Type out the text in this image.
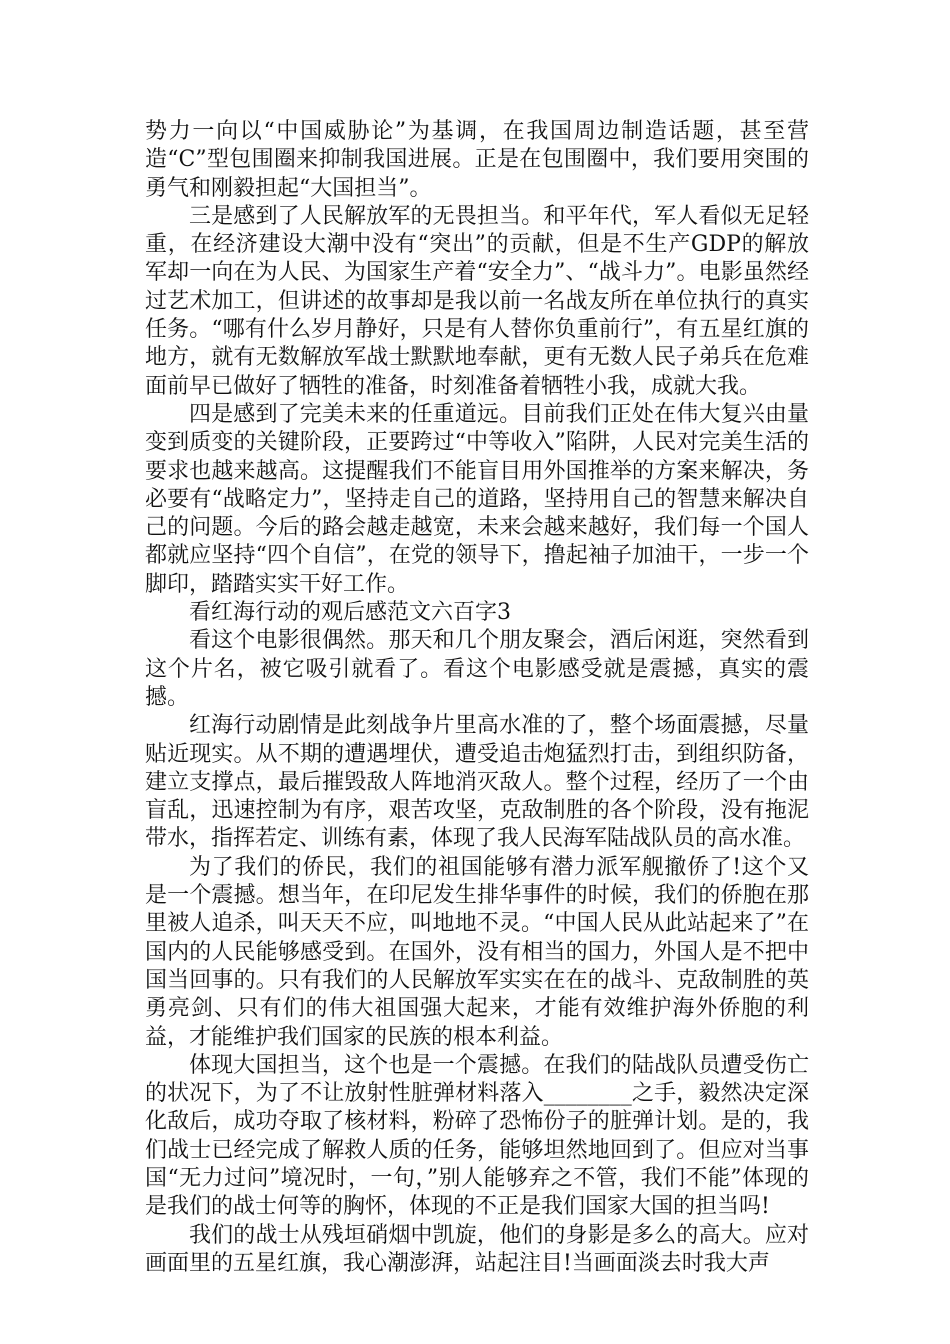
势力一向以“中国威胁论”为基调，在我国周边制造话题，甚至营造“C”型包围圈来抑制我国进展。正是在包围圈中，我们要用突围的勇气和刚毅担起“大国担当”。

三是感到了人民解放军的无畏担当。和平年代，军人看似无足轻重，在经济建设大潮中没有“突出”的贡献，但是不生产GDP的解放军却一向在为人民、为国家生产着“安全力”、“战斗力”。电影虽然经过艺术加工，但讲述的故事却是我以前一名战友所在单位执行的真实任务。“哪有什么岁月静好，只是有人替你负重前行”，有五星红旗的地方，就有无数解放军战士默默地奉献，更有无数人民子弟兵在危难面前早已做好了牺牲的准备，时刻准备着牺牲小我，成就大我。

四是感到了完美未来的任重道远。目前我们正处在伟大复兴由量变到质变的关键阶段，正要跨过“中等收入”陷阱，人民对完美生活的要求也越来越高。这提醒我们不能盲目用外国推举的方案来解决，务必要有“战略定力”，坚持走自己的道路，坚持用自己的智慧来解决自己的问题。今后的路会越走越宽，未来会越来越好，我们每一个国人都就应坚持“四个自信”，在党的领导下，撸起袖子加油干，一步一个脚印，踏踏实实干好工作。

看红海行动的观后感范文六百字3

看这个电影很偶然。那天和几个朋友聚会，酒后闲逛，突然看到这个片名，被它吸引就看了。看这个电影感受就是震撼，真实的震撼。

红海行动剧情是此刻战争片里高水准的了，整个场面震撼，尽量贴近现实。从不期的遭遇埋伏，遭受追击炮猛烈打击，到组织防备，建立支撑点，最后摧毁敌人阵地消灭敌人。整个过程，经历了一个由盲乱，迅速控制为有序，艰苦攻坚，克敌制胜的各个阶段，没有拖泥带水，指挥若定、训练有素，体现了我人民海军陆战队员的高水准。

为了我们的侨民，我们的祖国能够有潜力派军舰撤侨了!这个又是一个震撼。想当年，在印尼发生排华事件的时候，我们的侨胞在那里被人追杀，叫天天不应，叫地地不灵。“中国人民从此站起来了”在国内的人民能够感受到。在国外，没有相当的国力，外国人是不把中国当回事的。只有我们的人民解放军实实在在的战斗、克敌制胜的英勇亮剑、只有们的伟大祖国强大起来，才能有效维护海外侨胞的利益，才能维护我们国家的民族的根本利益。

体现大国担当，这个也是一个震撼。在我们的陆战队员遭受伤亡的状况下，为了不让放射性脏弹材料落入________之手，毅然决定深化敌后，成功夺取了核材料，粉碎了恐怖份子的脏弹计划。是的，我们战士已经完成了解救人质的任务，能够坦然地回到了。但应对当事国“无力过问”境况时，一句，”别人能够弃之不管，我们不能”体现的是我们的战士何等的胸怀，体现的不正是我们国家大国的担当吗!

我们的战士从残垣硝烟中凯旋，他们的身影是多么的高大。应对画面里的五星红旗，我心潮澎湃，站起注目!当画面淡去时我大声
